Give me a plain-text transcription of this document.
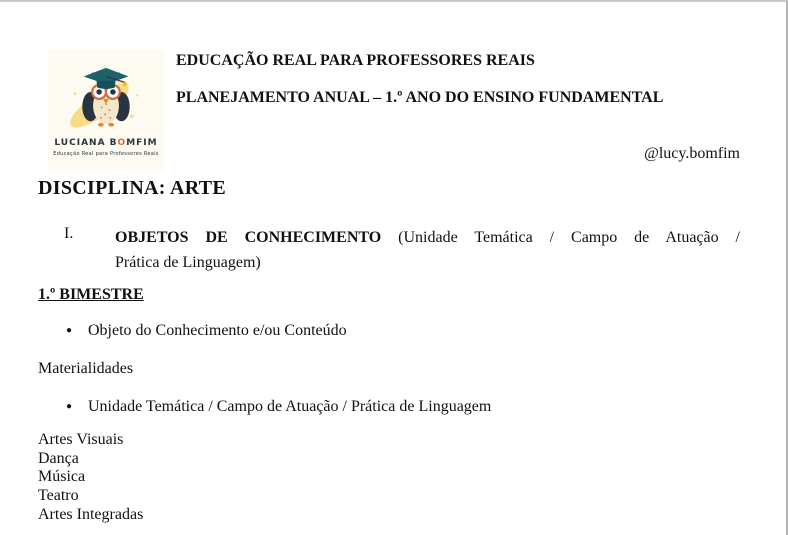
LUCIANA BOMFIM
Educação Real para Professores Reais
EDUCAÇÃO REAL PARA PROFESSORES REAIS
PLANEJAMENTO ANUAL – 1.º ANO DO ENSINO FUNDAMENTAL
@lucy.bomfim
DISCIPLINA: ARTE
I.	OBJETOS DE CONHECIMENTO (Unidade Temática / Campo de Atuação /
Prática de Linguagem)
1.º BIMESTRE
● Objeto do Conhecimento e/ou Conteúdo
Materialidades
● Unidade Temática / Campo de Atuação / Prática de Linguagem
Artes Visuais
Dança
Música
Teatro
Artes Integradas
